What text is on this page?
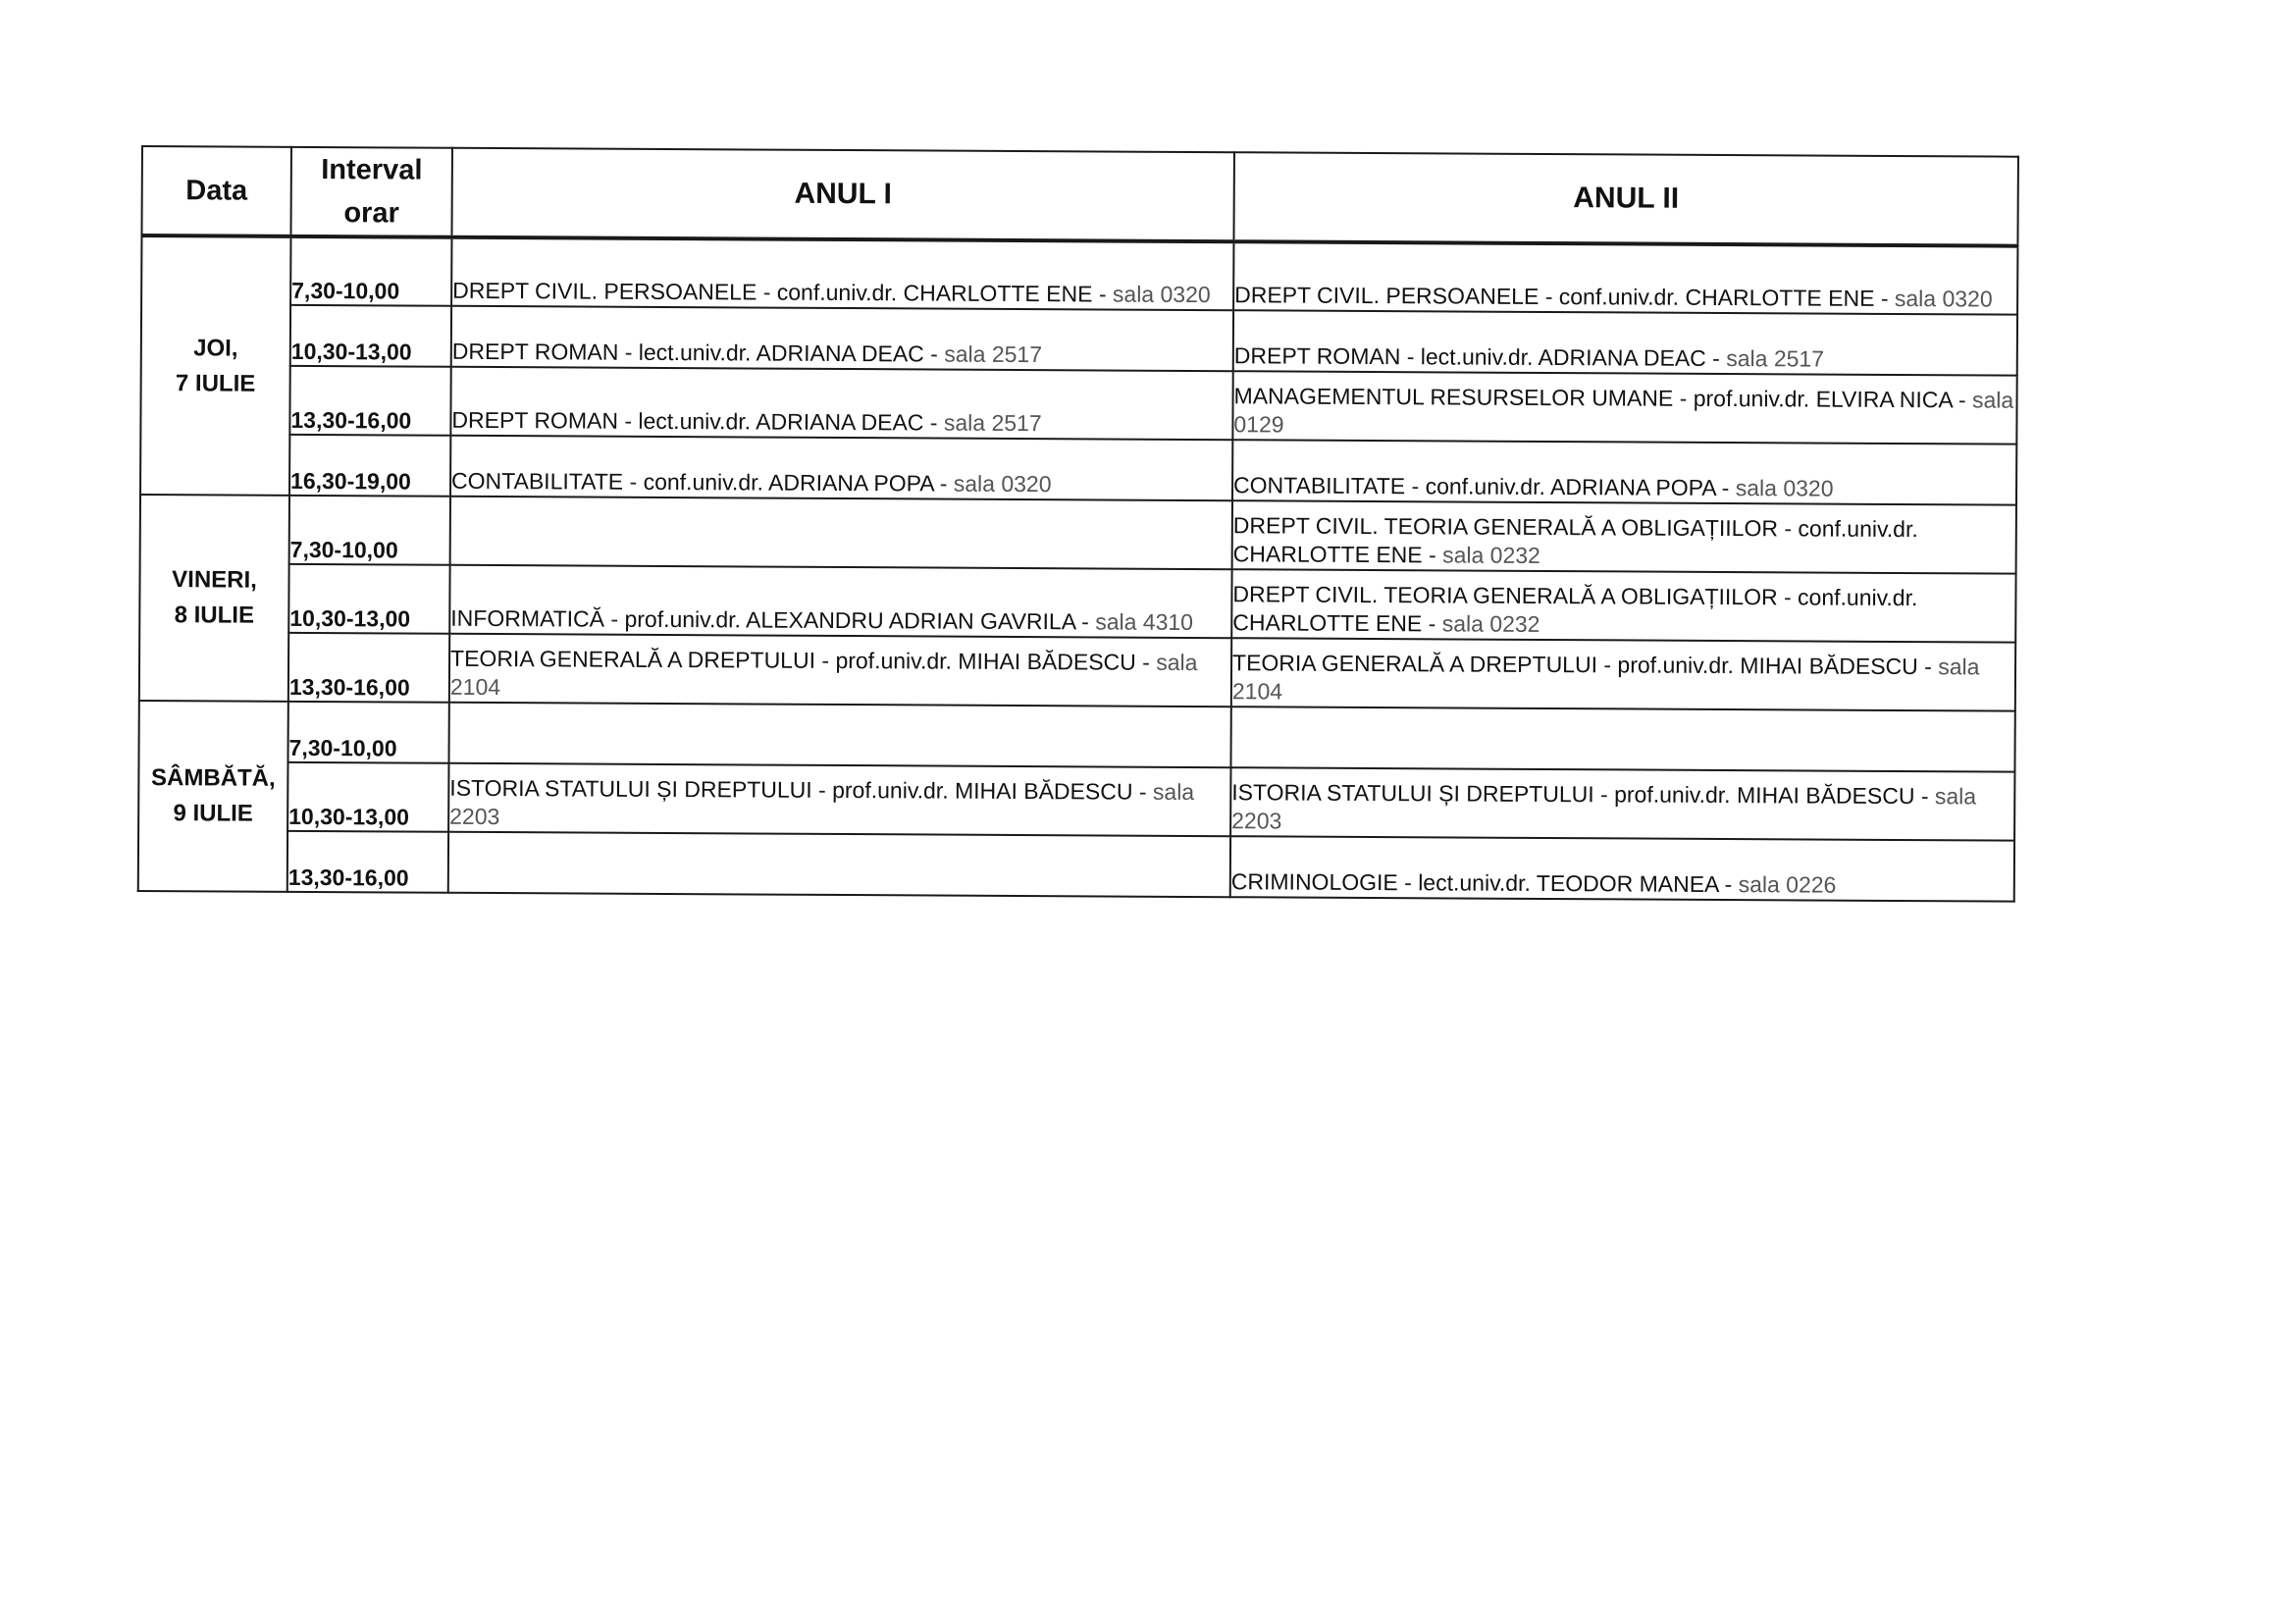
Data	Interval
orar	ANUL I	ANUL II
JOI,
7 IULIE	7,30-10,00	DREPT CIVIL. PERSOANELE - conf.univ.dr. CHARLOTTE ENE - sala 0320	DREPT CIVIL. PERSOANELE - conf.univ.dr. CHARLOTTE ENE - sala 0320
	10,30-13,00	DREPT ROMAN - lect.univ.dr. ADRIANA DEAC - sala 2517	DREPT ROMAN - lect.univ.dr. ADRIANA DEAC - sala 2517
	13,30-16,00	DREPT ROMAN - lect.univ.dr. ADRIANA DEAC - sala 2517	MANAGEMENTUL RESURSELOR UMANE - prof.univ.dr. ELVIRA NICA - sala 0129
	16,30-19,00	CONTABILITATE - conf.univ.dr. ADRIANA POPA - sala 0320	CONTABILITATE - conf.univ.dr. ADRIANA POPA - sala 0320
VINERI,
8 IULIE	7,30-10,00		DREPT CIVIL. TEORIA GENERALĂ A OBLIGAȚIILOR - conf.univ.dr. CHARLOTTE ENE - sala 0232
	10,30-13,00	INFORMATICĂ - prof.univ.dr. ALEXANDRU ADRIAN GAVRILA - sala 4310	DREPT CIVIL. TEORIA GENERALĂ A OBLIGAȚIILOR - conf.univ.dr. CHARLOTTE ENE - sala 0232
	13,30-16,00	TEORIA GENERALĂ A DREPTULUI - prof.univ.dr. MIHAI BĂDESCU - sala 2104	TEORIA GENERALĂ A DREPTULUI - prof.univ.dr. MIHAI BĂDESCU - sala 2104
SÂMBĂTĂ,
9 IULIE	7,30-10,00		
	10,30-13,00	ISTORIA STATULUI ȘI DREPTULUI - prof.univ.dr. MIHAI BĂDESCU - sala 2203	ISTORIA STATULUI ȘI DREPTULUI - prof.univ.dr. MIHAI BĂDESCU - sala 2203
	13,30-16,00		CRIMINOLOGIE - lect.univ.dr. TEODOR MANEA - sala 0226
